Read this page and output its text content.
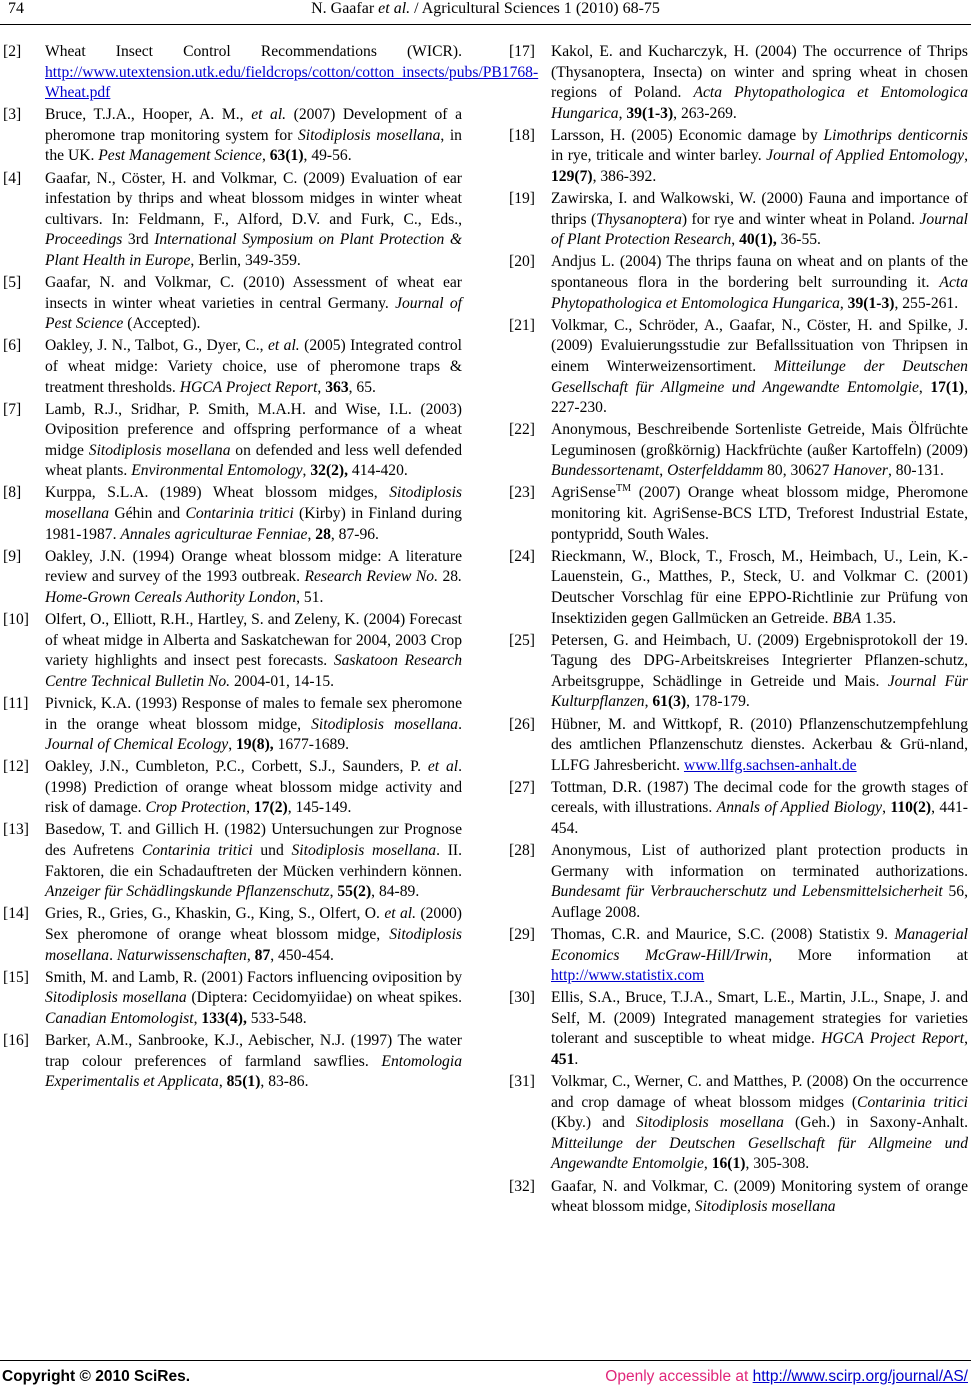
74	N. Gaafar et al. / Agricultural Sciences 1 (2010) 68-75
[2] Wheat Insect Control Recommendations (WICR). http://www.utextension.utk.edu/fieldcrops/cotton/cotton_insects/pubs/PB1768-Wheat.pdf
[3] Bruce, T.J.A., Hooper, A. M., et al. (2007) Development of a pheromone trap monitoring system for Sitodiplosis mosellana, in the UK. Pest Management Science, 63(1), 49-56.
[4] Gaafar, N., Cöster, H. and Volkmar, C. (2009) Evaluation of ear infestation by thrips and wheat blossom midges in winter wheat cultivars. In: Feldmann, F., Alford, D.V. and Furk, C., Eds., Proceedings 3rd International Symposium on Plant Protection & Plant Health in Europe, Berlin, 349-359.
[5] Gaafar, N. and Volkmar, C. (2010) Assessment of wheat ear insects in winter wheat varieties in central Germany. Journal of Pest Science (Accepted).
[6] Oakley, J. N., Talbot, G., Dyer, C., et al. (2005) Integrated control of wheat midge: Variety choice, use of pheromone traps & treatment thresholds. HGCA Project Report, 363, 65.
[7] Lamb, R.J., Sridhar, P. Smith, M.A.H. and Wise, I.L. (2003) Oviposition preference and offspring performance of a wheat midge Sitodiplosis mosellana on defended and less well defended wheat plants. Environmental Entomology, 32(2), 414-420.
[8] Kurppa, S.L.A. (1989) Wheat blossom midges, Sitodiplosis mosellana Géhin and Contarinia tritici (Kirby) in Finland during 1981-1987. Annales agriculturae Fenniae, 28, 87-96.
[9] Oakley, J.N. (1994) Orange wheat blossom midge: A literature review and survey of the 1993 outbreak. Research Review No. 28. Home-Grown Cereals Authority London, 51.
[10] Olfert, O., Elliott, R.H., Hartley, S. and Zeleny, K. (2004) Forecast of wheat midge in Alberta and Saskatchewan for 2004, 2003 Crop variety highlights and insect pest forecasts. Saskatoon Research Centre Technical Bulletin No. 2004-01, 14-15.
[11] Pivnick, K.A. (1993) Response of males to female sex pheromone in the orange wheat blossom midge, Sitodiplosis mosellana. Journal of Chemical Ecology, 19(8), 1677-1689.
[12] Oakley, J.N., Cumbleton, P.C., Corbett, S.J., Saunders, P. et al. (1998) Prediction of orange wheat blossom midge activity and risk of damage. Crop Protection, 17(2), 145-149.
[13] Basedow, T. and Gillich H. (1982) Untersuchungen zur Prognose des Aufretens Contarinia tritici und Sitodiplosis mosellana. II. Faktoren, die ein Schadauftreten der Mücken verhindern können. Anzeiger für Schädlingskunde Pflanzenschutz, 55(2), 84-89.
[14] Gries, R., Gries, G., Khaskin, G., King, S., Olfert, O. et al. (2000) Sex pheromone of orange wheat blossom midge, Sitodiplosis mosellana. Naturwissenschaften, 87, 450-454.
[15] Smith, M. and Lamb, R. (2001) Factors influencing oviposition by Sitodiplosis mosellana (Diptera: Cecidomyiidae) on wheat spikes. Canadian Entomologist, 133(4), 533-548.
[16] Barker, A.M., Sanbrooke, K.J., Aebischer, N.J. (1997) The water trap colour preferences of farmland sawflies. Entomologia Experimentalis et Applicata, 85(1), 83-86.
[17] Kakol, E. and Kucharczyk, H. (2004) The occurrence of Thrips (Thysanoptera, Insecta) on winter and spring wheat in chosen regions of Poland. Acta Phytopathologica et Entomologica Hungarica, 39(1-3), 263-269.
[18] Larsson, H. (2005) Economic damage by Limothrips denticornis in rye, triticale and winter barley. Journal of Applied Entomology, 129(7), 386-392.
[19] Zawirska, I. and Walkowski, W. (2000) Fauna and importance of thrips (Thysanoptera) for rye and winter wheat in Poland. Journal of Plant Protection Research, 40(1), 36-55.
[20] Andjus L. (2004) The thrips fauna on wheat and on plants of the spontaneous flora in the bordering belt surrounding it. Acta Phytopathologica et Entomologica Hungarica, 39(1-3), 255-261.
[21] Volkmar, C., Schröder, A., Gaafar, N., Cöster, H. and Spilke, J. (2009) Evaluierungsstudie zur Befallssituation von Thripsen in einem Winterweizensortiment. Mitteilunge der Deutschen Gesellschaft für Allgmeine und Angewandte Entomolgie, 17(1), 227-230.
[22] Anonymous, Beschreibende Sortenliste Getreide, Mais Ölfrüchte Leguminosen (großkörnig) Hackfrüchte (außer Kartoffeln) (2009) Bundessortenamt, Osterfelddamm 80, 30627 Hanover, 80-131.
[23] AgriSense™ (2007) Orange wheat blossom midge, Pheromone monitoring kit. AgriSense-BCS LTD, Treforest Industrial Estate, pontypridd, South Wales.
[24] Rieckmann, W., Block, T., Frosch, M., Heimbach, U., Lein, K.-Lauenstein, G., Matthes, P., Steck, U. and Volkmar C. (2001) Deutscher Vorschlag für eine EPPO-Richtlinie zur Prüfung von Insektiziden gegen Gallmücken an Getreide. BBA 1.35.
[25] Petersen, G. and Heimbach, U. (2009) Ergebnisprotokoll der 19. Tagung des DPG-Arbeitskreises Integrierter Pflanzen-schutz, Arbeitsgruppe, Schädlinge in Getreide und Mais. Journal Für Kulturpflanzen, 61(3), 178-179.
[26] Hübner, M. and Wittkopf, R. (2010) Pflanzenschutzempfehlung des amtlichen Pflanzenschutz dienstes. Ackerbau & Grü-nland, LLFG Jahresbericht. www.llfg.sachsen-anhalt.de
[27] Tottman, D.R. (1987) The decimal code for the growth stages of cereals, with illustrations. Annals of Applied Biology, 110(2), 441-454.
[28] Anonymous, List of authorized plant protection products in Germany with information on terminated authorizations. Bundesamt für Verbraucherschutz und Lebensmittelsicherheit 56, Auflage 2008.
[29] Thomas, C.R. and Maurice, S.C. (2008) Statistix 9. Managerial Economics McGraw-Hill/Irwin, More information at http://www.statistix.com
[30] Ellis, S.A., Bruce, T.J.A., Smart, L.E., Martin, J.L., Snape, J. and Self, M. (2009) Integrated management strategies for varieties tolerant and susceptible to wheat midge. HGCA Project Report, 451.
[31] Volkmar, C., Werner, C. and Matthes, P. (2008) On the occurrence and crop damage of wheat blossom midges (Contarinia tritici (Kby.) and Sitodiplosis mosellana (Geh.) in Saxony-Anhalt. Mitteilunge der Deutschen Gesellschaft für Allgmeine und Angewandte Entomolgie, 16(1), 305-308.
[32] Gaafar, N. and Volkmar, C. (2009) Monitoring system of orange wheat blossom midge, Sitodiplosis mosellana
Copyright © 2010 SciRes.	Openly accessible at http://www.scirp.org/journal/AS/
